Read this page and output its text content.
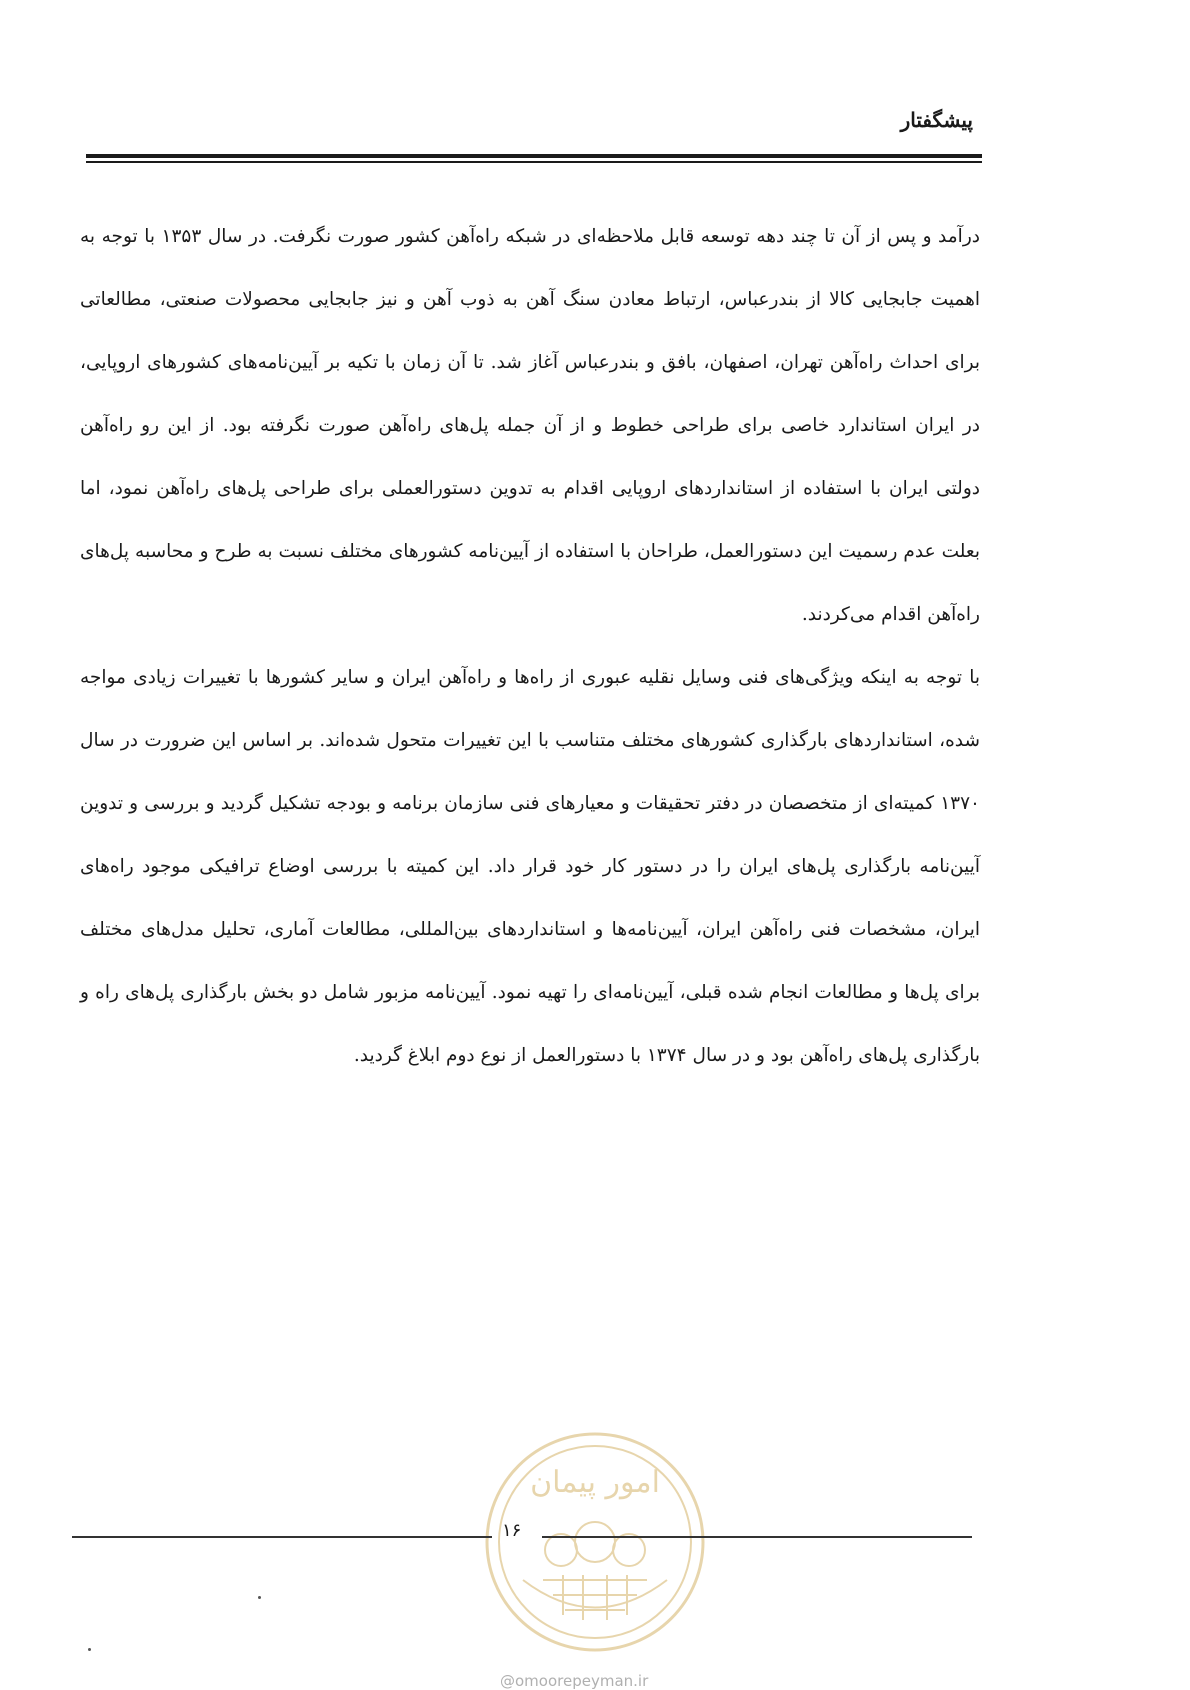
پیشگفتار

درآمد و پس از آن تا چند دهه توسعه قابل ملاحظه‌ای در شبکه راه‌آهن کشور صورت نگرفت. در سال ۱۳۵۳ با توجه به اهمیت جابجایی کالا از بندرعباس، ارتباط معادن سنگ آهن به ذوب آهن و نیز جابجایی محصولات صنعتی، مطالعاتی برای احداث راه‌آهن تهران، اصفهان، بافق و بندرعباس آغاز شد. تا آن زمان با تکیه بر آیین‌نامه‌های کشورهای اروپایی، در ایران استاندارد خاصی برای طراحی خطوط و از آن جمله پل‌های راه‌آهن صورت نگرفته بود. از این رو راه‌آهن دولتی ایران با استفاده از استانداردهای اروپایی اقدام به تدوین دستورالعملی برای طراحی پل‌های راه‌آهن نمود، اما بعلت عدم رسمیت این دستورالعمل، طراحان با استفاده از آیین‌نامه کشورهای مختلف نسبت به طرح و محاسبه پل‌های راه‌آهن اقدام می‌کردند.

با توجه به اینکه ویژگی‌های فنی وسایل نقلیه عبوری از راه‌ها و راه‌آهن ایران و سایر کشورها با تغییرات زیادی مواجه شده، استانداردهای بارگذاری کشورهای مختلف متناسب با این تغییرات متحول شده‌اند. بر اساس این ضرورت در سال ۱۳۷۰ کمیته‌ای از متخصصان در دفتر تحقیقات و معیارهای فنی سازمان برنامه و بودجه تشکیل گردید و بررسی و تدوین آیین‌نامه بارگذاری پل‌های ایران را در دستور کار خود قرار داد. این کمیته با بررسی اوضاع ترافیکی موجود راه‌های ایران، مشخصات فنی راه‌آهن ایران، آیین‌نامه‌ها و استانداردهای بین‌المللی، مطالعات آماری، تحلیل مدل‌های مختلف برای پل‌ها و مطالعات انجام شده قبلی، آیین‌نامه‌ای را تهیه نمود. آیین‌نامه مزبور شامل دو بخش بارگذاری پل‌های راه و بارگذاری پل‌های راه‌آهن بود و در سال ۱۳۷۴ با دستورالعمل از نوع دوم ابلاغ گردید.

امور پیمان
۱۶
@omoorepeyman.ir
